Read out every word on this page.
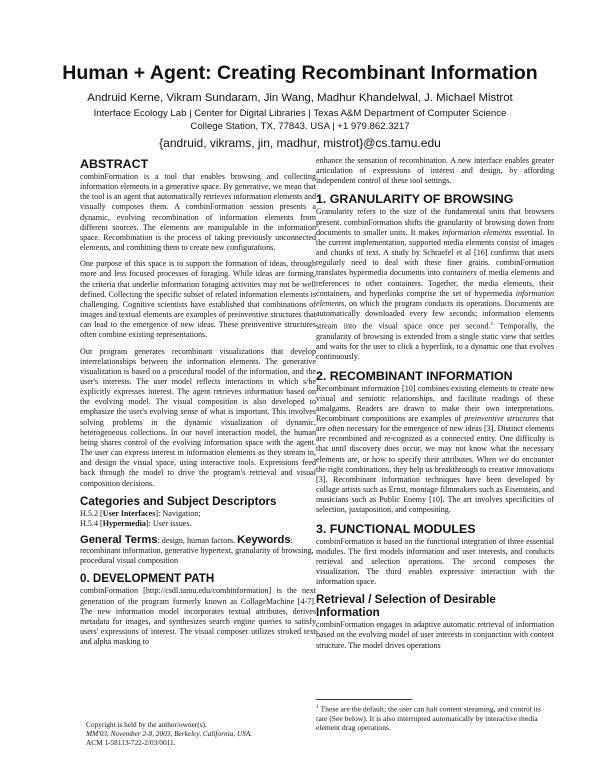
Human + Agent: Creating Recombinant Information
Andruid Kerne, Vikram Sundaram, Jin Wang, Madhur Khandelwal, J. Michael Mistrot
Interface Ecology Lab | Center for Digital Libraries | Texas A&M Department of Computer Science
College Station, TX, 77843. USA | +1 979.862.3217
{andruid, vikrams, jin, madhur, mistrot}@cs.tamu.edu
ABSTRACT

combinFormation is a tool that enables browsing and collecting information elements in a generative space. By generative, we mean that the tool is an agent that automatically retrieves information elements and visually composes them. A combinFormation session presents a dynamic, evolving recombination of information elements from different sources. The elements are manipulable in the information space. Recombination is the process of taking previously unconnected elements, and combining them to create new configurations.

One purpose of this space is to support the formation of ideas, through more and less focused processes of foraging. While ideas are forming, the criteria that underlie information foraging activities may not be well defined. Collecting the specific subset of related information elements is challenging. Cognitive scientists have established that combinations of images and textual elements are examples of preinventive structures that can lead to the emergence of new ideas. These preinventive structures often combine existing representations.

Our program generates recombinant visualizations that develop interrelationships between the information elements. The generative visualization is based on a procedural model of the information, and the user's interests. The user model reflects interactions in which s/he explicitly expresses interest. The agent retrieves information based on the evolving model. The visual composition is also developed to emphasize the user's evolving sense of what is important. This involves solving problems in the dynamic visualization of dynamic, heterogeneous collections. In our novel interaction model, the human being shares control of the evolving information space with the agent. The user can express interest in information elements as they stream in, and design the visual space, using interactive tools. Expressions feed back through the model to drive the program's retrieval and visual composition decisions.

Categories and Subject Descriptors

H.5.2 [User Interfaces]: Navigation;

H.5.4 [Hypermedia]: User issues.

General Terms: design, human factors. Keywords: recombinant information, generative hypertext, granularity of browsing, procedural visual composition
0. DEVELOPMENT PATH

combinFormation [http://csdl.tamu.edu/combinformation] is the next generation of the program formerly known as CollageMachine [4-7]. The new information model incorporates textual attributes, derives metadata for images, and synthesizes search engine queries to satisfy users' expressions of interest. The visual composer utilizes stroked text and alpha masking to

Copyright is held by the author/owner(s).
MM'03, November 2-8, 2003, Berkeley, California, USA.
ACM 1-58113-722-2/03/0011.

enhance the sensation of recombination. A new interface enables greater articulation of expressions of interest and design, by affording independent control of these tool settings.

1. GRANULARITY OF BROWSING

Granularity refers to the size of the fundamental units that browsers present. combinFormation shifts the granularity of browsing down from documents to smaller units. It makes information elements essential. In the current implementation, supported media elements consist of images and chunks of text. A study by Schraefel et al [16] confirms that users regularly need to deal with these finer grains. combinFormation translates hypermedia documents into containers of media elements and references to other containers. Together, the media elements, their containers, and hyperlinks comprise the set of hypermedia information elements, on which the program conducts its operations. Documents are automatically downloaded every few seconds; information elements stream into the visual space once per second.$^1$ Temporally, the granularity of browsing is extended from a single static view that settles and waits for the user to click a hyperlink, to a dynamic one that evolves continuously.

2. RECOMBINANT INFORMATION

Recombinant information [10] combines existing elements to create new visual and semiotic relationships, and facilitate readings of these amalgams. Readers are drawn to make their own interpretations. Recombinant compositions are examples of preinventive structures that are often necessary for the emergence of new ideas [3]. Distinct elements are recombined and re-cognized as a connected entity. One difficulty is that until discovery does occur, we may not know what the necessary elements are, or how to specify their attributes. When we do encounter the right combinations, they help us breakthrough to creative innovations [3]. Recombinant information techniques have been developed by collage artists such as Ernst, montage filmmakers such as Eisenstein, and musicians such as Public Enemy [10]. The art involves specificities of selection, juxtaposition, and compositing.

3. FUNCTIONAL MODULES

combinFormation is based on the functional integration of three essential modules. The first models information and user interests, and conducts retrieval and selection operations. The second composes the visualization. The third enables expressive interaction with the information space.

Retrieval / Selection of Desirable Information

combinFormation engages in adaptive automatic retrieval of information based on the evolving model of user interests in conjunction with content structure. The model drives operations

$^1$ These are the default; the user can halt content streaming, and control its rate (See below). It is also interrupted automatically by interactive media element drag operations.
